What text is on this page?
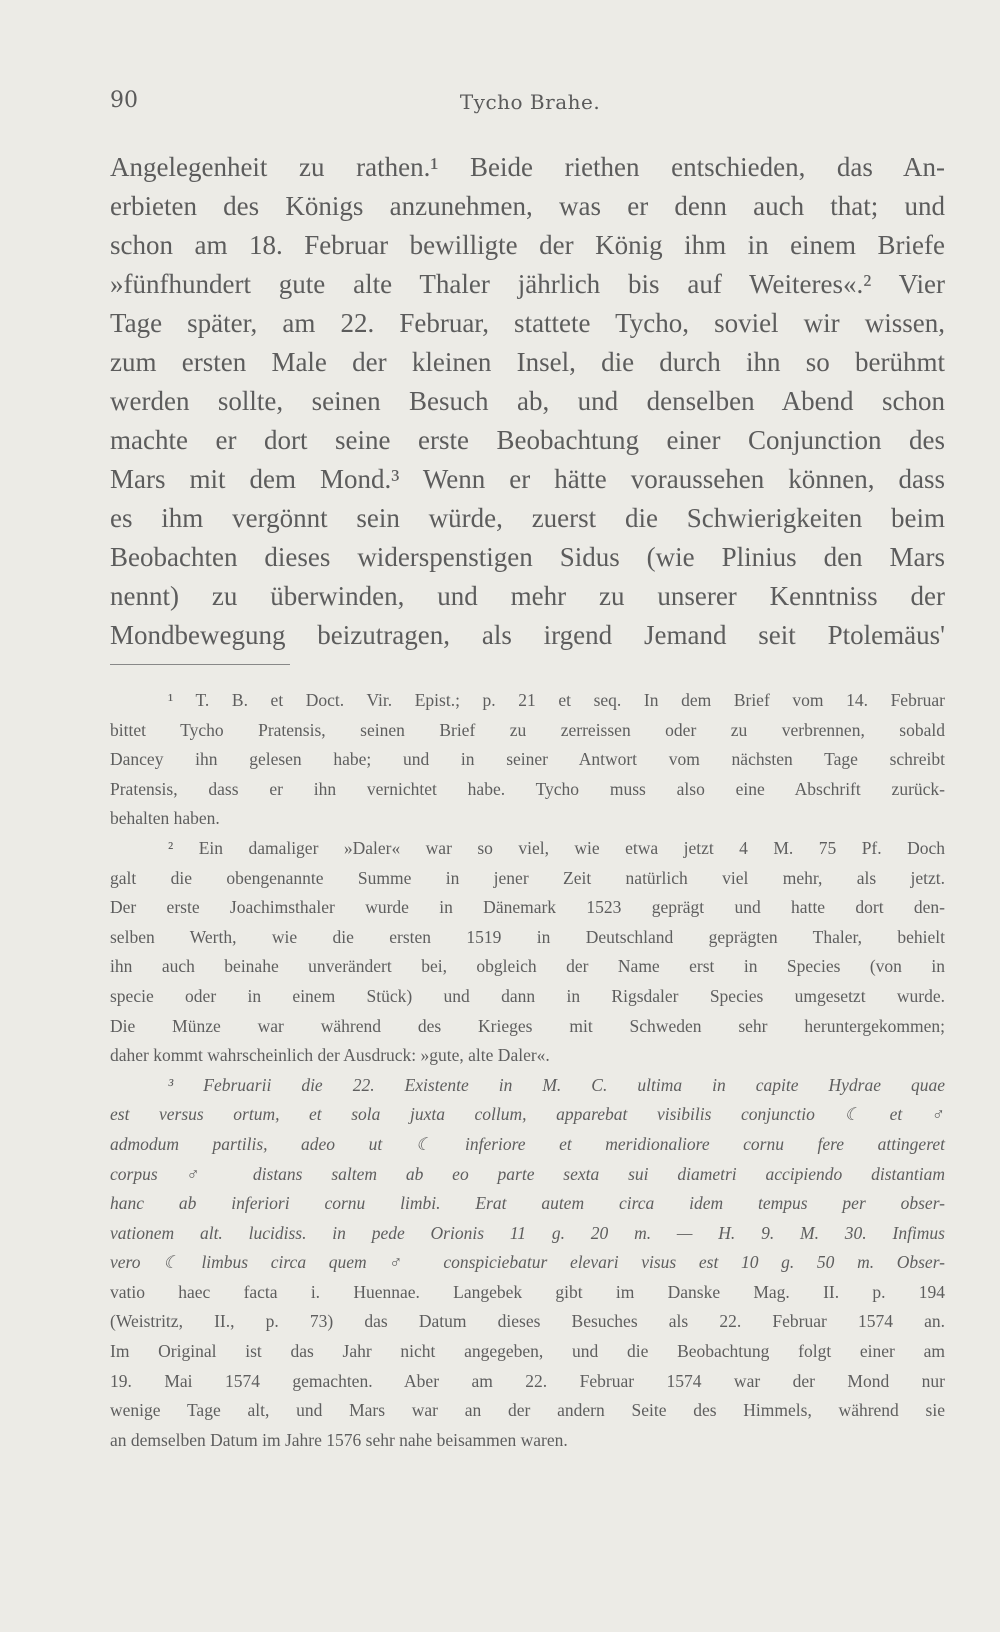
90	Tycho Brahe.
Angelegenheit zu rathen.¹ Beide riethen entschieden, das An-
erbieten des Königs anzunehmen, was er denn auch that; und
schon am 18. Februar bewilligte der König ihm in einem Briefe
»fünfhundert gute alte Thaler jährlich bis auf Weiteres«.² Vier
Tage später, am 22. Februar, stattete Tycho, soviel wir wissen,
zum ersten Male der kleinen Insel, die durch ihn so berühmt
werden sollte, seinen Besuch ab, und denselben Abend schon
machte er dort seine erste Beobachtung einer Conjunction des
Mars mit dem Mond.³ Wenn er hätte voraussehen können, dass
es ihm vergönnt sein würde, zuerst die Schwierigkeiten beim
Beobachten dieses widerspenstigen Sidus (wie Plinius den Mars
nennt) zu überwinden, und mehr zu unserer Kenntniss der
Mondbewegung beizutragen, als irgend Jemand seit Ptolemäus'
¹ T. B. et Doct. Vir. Epist.; p. 21 et seq. In dem Brief vom 14. Februar
bittet Tycho Pratensis, seinen Brief zu zerreissen oder zu verbrennen, sobald
Dancey ihn gelesen habe; und in seiner Antwort vom nächsten Tage schreibt
Pratensis, dass er ihn vernichtet habe. Tycho muss also eine Abschrift zurück-
behalten haben.
² Ein damaliger »Daler« war so viel, wie etwa jetzt 4 M. 75 Pf. Doch
galt die obengenannte Summe in jener Zeit natürlich viel mehr, als jetzt.
Der erste Joachimsthaler wurde in Dänemark 1523 geprägt und hatte dort den-
selben Werth, wie die ersten 1519 in Deutschland geprägten Thaler, behielt
ihn auch beinahe unverändert bei, obgleich der Name erst in Species (von in
specie oder in einem Stück) und dann in Rigsdaler Species umgesetzt wurde.
Die Münze war während des Krieges mit Schweden sehr heruntergekommen;
daher kommt wahrscheinlich der Ausdruck: »gute, alte Daler«.
³ Februarii die 22. Existente in M. C. ultima in capite Hydrae quae
est versus ortum, et sola juxta collum, apparebat visibilis conjunctio ☾ et ♂
admodum partilis, adeo ut ☾ inferiore et meridionaliore cornu fere attingeret
corpus ♂ distans saltem ab eo parte sexta sui diametri accipiendo distantiam
hanc ab inferiori cornu limbi. Erat autem circa idem tempus per obser-
vationem alt. lucidiss. in pede Orionis 11 g. 20 m. — H. 9. M. 30. Infimus
vero ☾ limbus circa quem ♂ conspiciebatur elevari visus est 10 g. 50 m. Obser-
vatio haec facta i. Huennae. Langebek gibt im Danske Mag. II. p. 194
(Weistritz, II., p. 73) das Datum dieses Besuches als 22. Februar 1574 an.
Im Original ist das Jahr nicht angegeben, und die Beobachtung folgt einer am
19. Mai 1574 gemachten. Aber am 22. Februar 1574 war der Mond nur
wenige Tage alt, und Mars war an der andern Seite des Himmels, während sie
an demselben Datum im Jahre 1576 sehr nahe beisammen waren.
